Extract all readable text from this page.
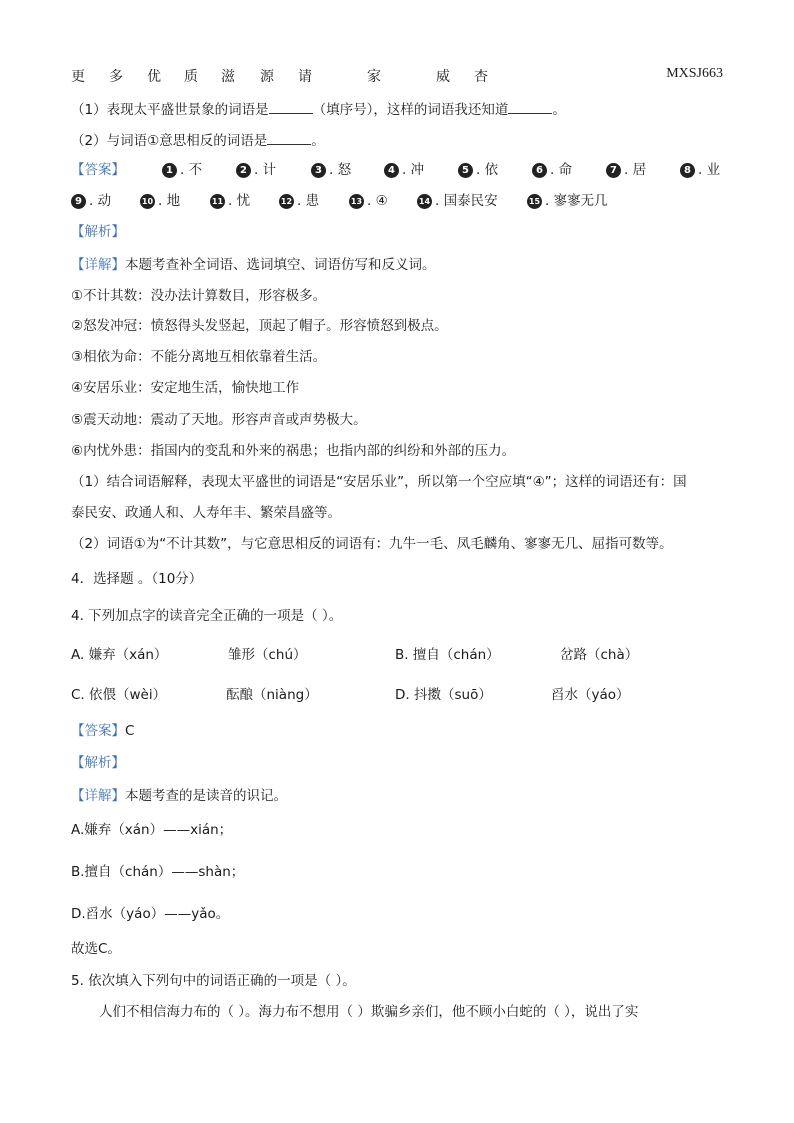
更 多 优 质 滋 源 请	家	威 杏	MXSJ663
（1）表现太平盛世景象的词语是	（填序号），这样的词语我还知道	。
（2）与词语①意思相反的词语是	。
【答案】	1 . 不	2 . 计	3 . 怒	4 . 冲	5 . 依	6 . 命	7 . 居	8 . 业
9 . 动	10 . 地	11 . 忧	12 . 患	13 . ④	14 . 国泰民安	15 . 寥寥无几
【解析】
【详解】本题考查补全词语、选词填空、词语仿写和反义词。
①不计其数：没办法计算数目，形容极多。
②怒发冲冠：愤怒得头发竖起，顶起了帽子。形容愤怒到极点。
③相依为命：不能分离地互相依靠着生活。
④安居乐业：安定地生活，愉快地工作
⑤震天动地：震动了天地。形容声音或声势极大。
⑥内忧外患：指国内的变乱和外来的祸患；也指内部的纠纷和外部的压力。
（1）结合词语解释，表现太平盛世的词语是“安居乐业”，所以第一个空应填“④”；这样的词语还有：国
泰民安、政通人和、人寿年丰、繁荣昌盛等。
（2）词语①为“不计其数”，与它意思相反的词语有：九牛一毛、凤毛麟角、寥寥无几、屈指可数等。
4．选择题 。（10分）
4. 下列加点字的读音完全正确的一项是（ ）。
A. 嫌弃（xán）	雏形（chú）	B. 擅自（chán）	岔路（chà）
C. 依偎（wèi）	酝酿（niàng）	D. 抖擞（suō）	舀水（yáo）
【答案】C
【解析】
【详解】本题考查的是读音的识记。
A.嫌弃（xán）——xián；
B.擅自（chán）——shàn；
D.舀水（yáo）——yǎo。
故选C。
5. 依次填入下列句中的词语正确的一项是（ ）。
人们不相信海力布的（ ）。海力布不想用（ ）欺骗乡亲们，他不顾小白蛇的（ ），说出了实
